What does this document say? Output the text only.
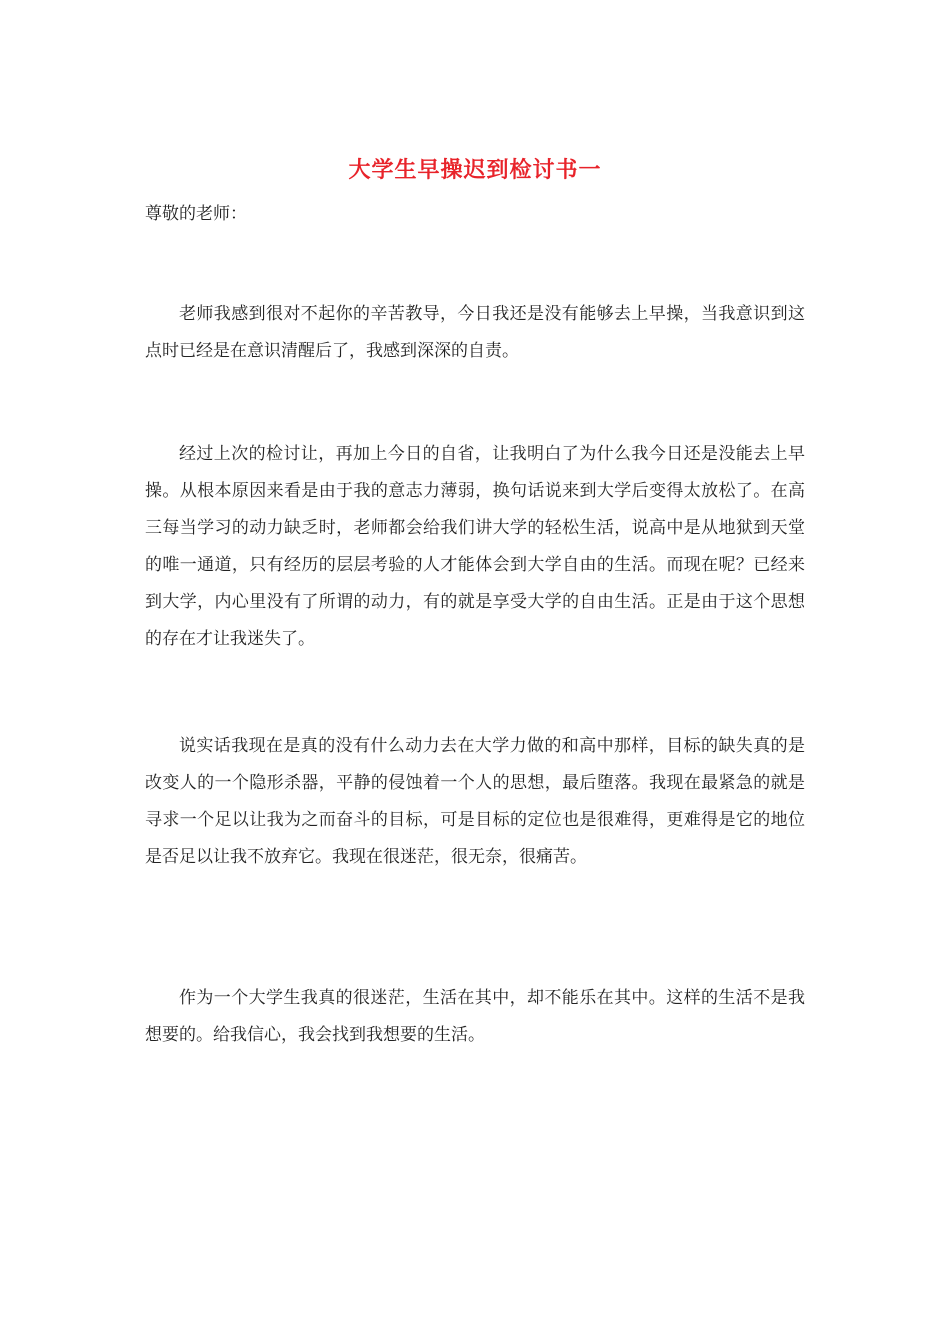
大学生早操迟到检讨书一
尊敬的老师：

老师我感到很对不起你的辛苦教导，今日我还是没有能够去上早操，当我意识到这点时已经是在意识清醒后了，我感到深深的自责。

经过上次的检讨让，再加上今日的自省，让我明白了为什么我今日还是没能去上早操。从根本原因来看是由于我的意志力薄弱，换句话说来到大学后变得太放松了。在高三每当学习的动力缺乏时，老师都会给我们讲大学的轻松生活，说高中是从地狱到天堂的唯一通道，只有经历的层层考验的人才能体会到大学自由的生活。而现在呢？已经来到大学，内心里没有了所谓的动力，有的就是享受大学的自由生活。正是由于这个思想的存在才让我迷失了。

说实话我现在是真的没有什么动力去在大学力做的和高中那样，目标的缺失真的是改变人的一个隐形杀器，平静的侵蚀着一个人的思想，最后堕落。我现在最紧急的就是寻求一个足以让我为之而奋斗的目标，可是目标的定位也是很难得，更难得是它的地位是否足以让我不放弃它。我现在很迷茫，很无奈，很痛苦。

作为一个大学生我真的很迷茫，生活在其中，却不能乐在其中。这样的生活不是我想要的。给我信心，我会找到我想要的生活。
